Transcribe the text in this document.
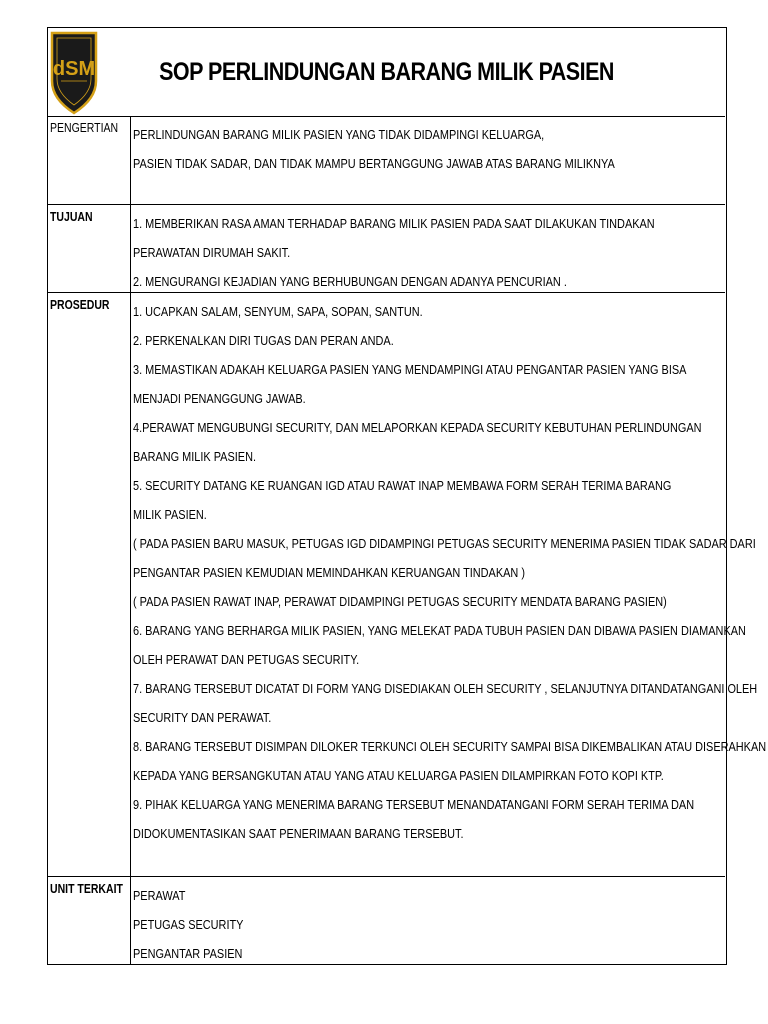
dSM	SOP PERLINDUNGAN BARANG MILIK PASIEN
PENGERTIAN PERLINDUNGAN BARANG MILIK PASIEN YANG TIDAK DIDAMPINGI KELUARGA,
PASIEN TIDAK SADAR, DAN TIDAK MAMPU BERTANGGUNG JAWAB ATAS BARANG MILIKNYA
TUJUAN	1. MEMBERIKAN RASA AMAN TERHADAP BARANG MILIK PASIEN PADA SAAT DILAKUKAN TINDAKAN
PERAWATAN DIRUMAH SAKIT.
2. MENGURANGI KEJADIAN YANG BERHUBUNGAN DENGAN ADANYA PENCURIAN .
PROSEDUR 1. UCAPKAN SALAM, SENYUM, SAPA, SOPAN, SANTUN.
2. PERKENALKAN DIRI TUGAS DAN PERAN ANDA.
3. MEMASTIKAN ADAKAH KELUARGA PASIEN YANG MENDAMPINGI ATAU PENGANTAR PASIEN YANG BISA
MENJADI PENANGGUNG JAWAB.
4.PERAWAT MENGUBUNGI SECURITY, DAN MELAPORKAN KEPADA SECURITY KEBUTUHAN PERLINDUNGAN
BARANG MILIK PASIEN.
5. SECURITY DATANG KE RUANGAN IGD ATAU RAWAT INAP MEMBAWA FORM SERAH TERIMA BARANG
MILIK PASIEN.
( PADA PASIEN BARU MASUK, PETUGAS IGD DIDAMPINGI PETUGAS SECURITY MENERIMA PASIEN TIDAK SADAR DARI
PENGANTAR PASIEN KEMUDIAN MEMINDAHKAN KERUANGAN TINDAKAN )
( PADA PASIEN RAWAT INAP, PERAWAT DIDAMPINGI PETUGAS SECURITY MENDATA BARANG PASIEN)
6. BARANG YANG BERHARGA MILIK PASIEN, YANG MELEKAT PADA TUBUH PASIEN DAN DIBAWA PASIEN DIAMANKAN
OLEH PERAWAT DAN PETUGAS SECURITY.
7. BARANG TERSEBUT DICATAT DI FORM YANG DISEDIAKAN OLEH SECURITY , SELANJUTNYA DITANDATANGANI OLEH
SECURITY DAN PERAWAT.
8. BARANG TERSEBUT DISIMPAN DILOKER TERKUNCI OLEH SECURITY SAMPAI BISA DIKEMBALIKAN ATAU DISERAHKAN
KEPADA YANG BERSANGKUTAN ATAU YANG ATAU KELUARGA PASIEN DILAMPIRKAN FOTO KOPI KTP.
9. PIHAK KELUARGA YANG MENERIMA BARANG TERSEBUT MENANDATANGANI FORM SERAH TERIMA DAN
DIDOKUMENTASIKAN SAAT PENERIMAAN BARANG TERSEBUT.
UNIT TERKAIT PERAWAT
PETUGAS SECURITY
PENGANTAR PASIEN
